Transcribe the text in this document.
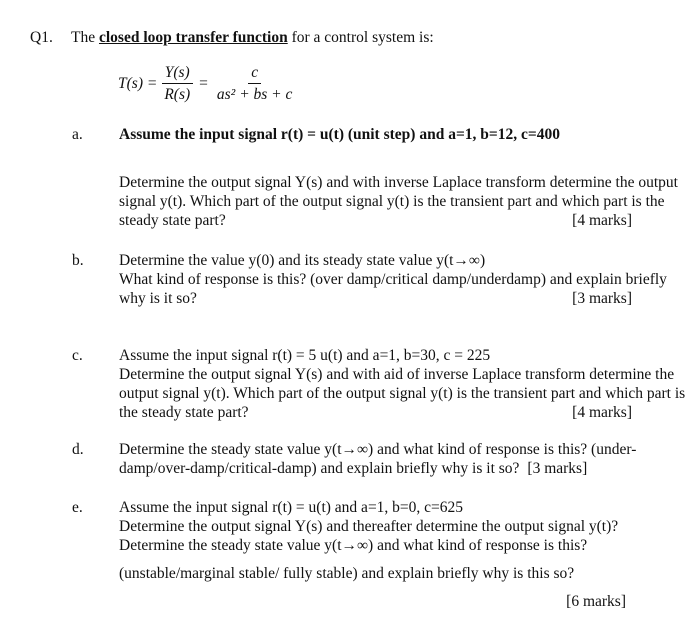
Q1. The closed loop transfer function for a control system is:
$T(s) = \frac{Y(s)}{R(s)} = \frac{c}{\text{as² + bs + c}}$
a. Assume the input signal r(t) = u(t) (unit step) and a=1, b=12, c=400

Determine the output signal Y(s) and with inverse Laplace transform determine the output signal y(t). Which part of the output signal y(t) is the transient part and which part is the steady state part?	[4 marks]

b. Determine the value y(0) and its steady state value y(t→∞)

What kind of response is this? (over damp/critical damp/underdamp) and explain briefly why is it so?	[3 marks]

c. Assume the input signal r(t) = 5 u(t) and a=1, b=30, c = 225

Determine the output signal Y(s) and with aid of inverse Laplace transform determine the output signal y(t). Which part of the output signal y(t) is the transient part and which part is the steady state part?	[4 marks]

d. Determine the steady state value y(t→∞) and what kind of response is this? (under-damp/over-damp/critical-damp) and explain briefly why is it so? [3 marks]

e. Assume the input signal r(t) = u(t) and a=1, b=0, c=625

Determine the output signal Y(s) and thereafter determine the output signal y(t)?

Determine the steady state value y(t→∞) and what kind of response is this?

(unstable/marginal stable/ fully stable) and explain briefly why is this so?

[6 marks]
